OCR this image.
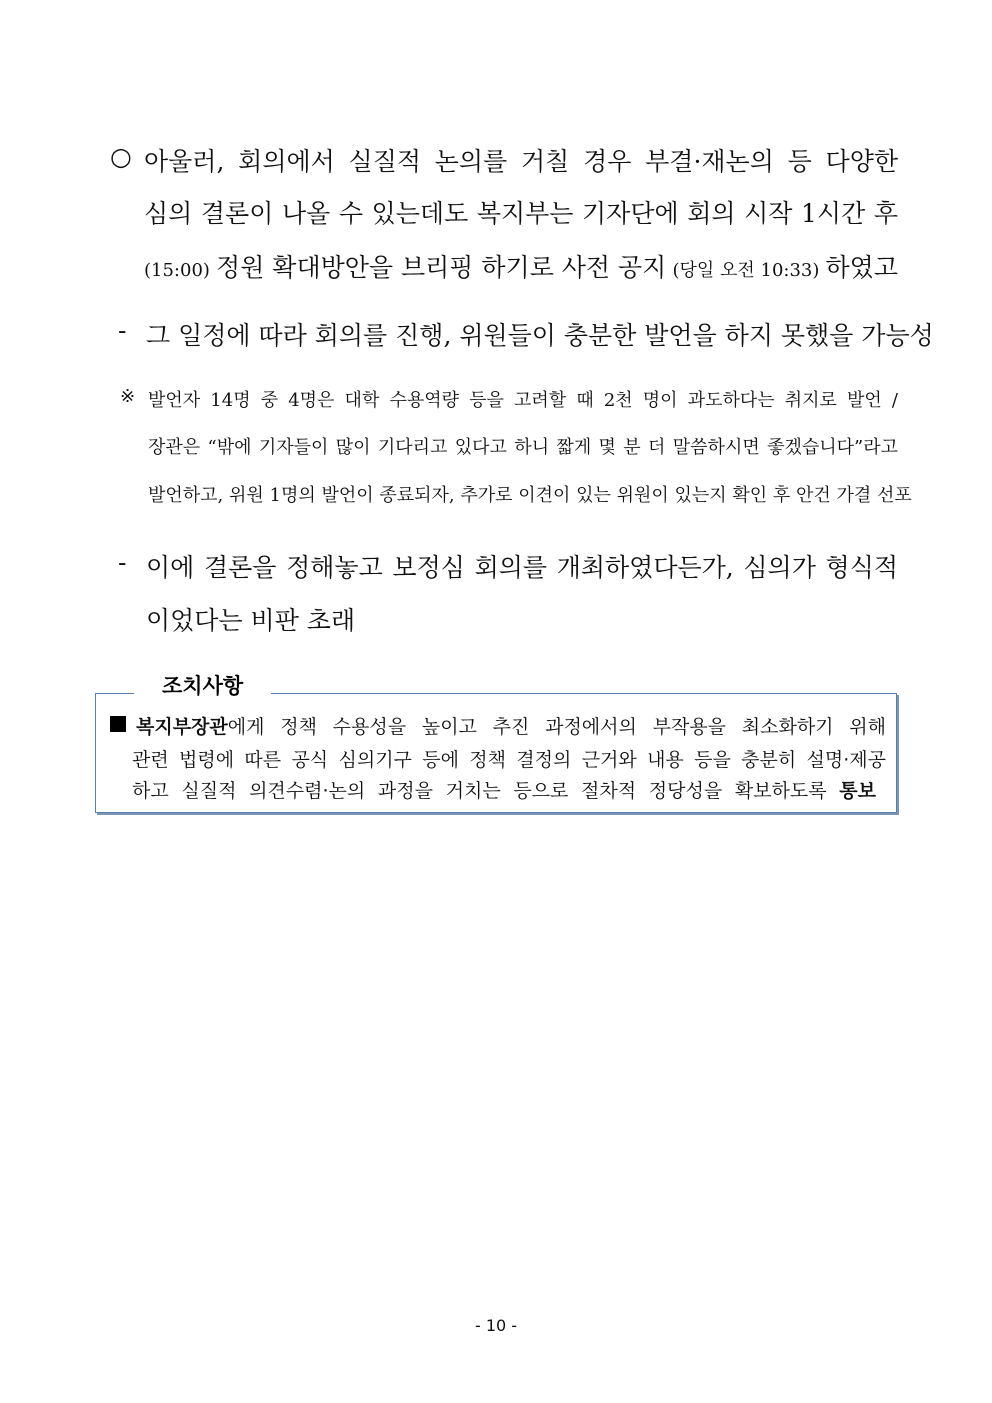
○ 아울러, 회의에서 실질적 논의를 거칠 경우 부결·재논의 등 다양한
심의 결론이 나올 수 있는데도 복지부는 기자단에 회의 시작 1시간 후
(15:00) 정원 확대방안을 브리핑 하기로 사전 공지 (당일 오전 10:33) 하였고
- 그 일정에 따라 회의를 진행, 위원들이 충분한 발언을 하지 못했을 가능성
※ 발언자 14명 중 4명은 대학 수용역량 등을 고려할 때 2천 명이 과도하다는 취지로 발언 /
장관은 “밖에 기자들이 많이 기다리고 있다고 하니 짧게 몇 분 더 말씀하시면 좋겠습니다”라고
발언하고, 위원 1명의 발언이 종료되자, 추가로 이견이 있는 위원이 있는지 확인 후 안건 가결 선포
- 이에 결론을 정해놓고 보정심 회의를 개최하였다든가, 심의가 형식적
이었다는 비판 초래
조치사항
복지부장관에게 정책 수용성을 높이고 추진 과정에서의 부작용을 최소화하기 위해
관련 법령에 따른 공식 심의기구 등에 정책 결정의 근거와 내용 등을 충분히 설명·제공
하고 실질적 의견수렴·논의 과정을 거치는 등으로 절차적 정당성을 확보하도록 통보
- 10 -
